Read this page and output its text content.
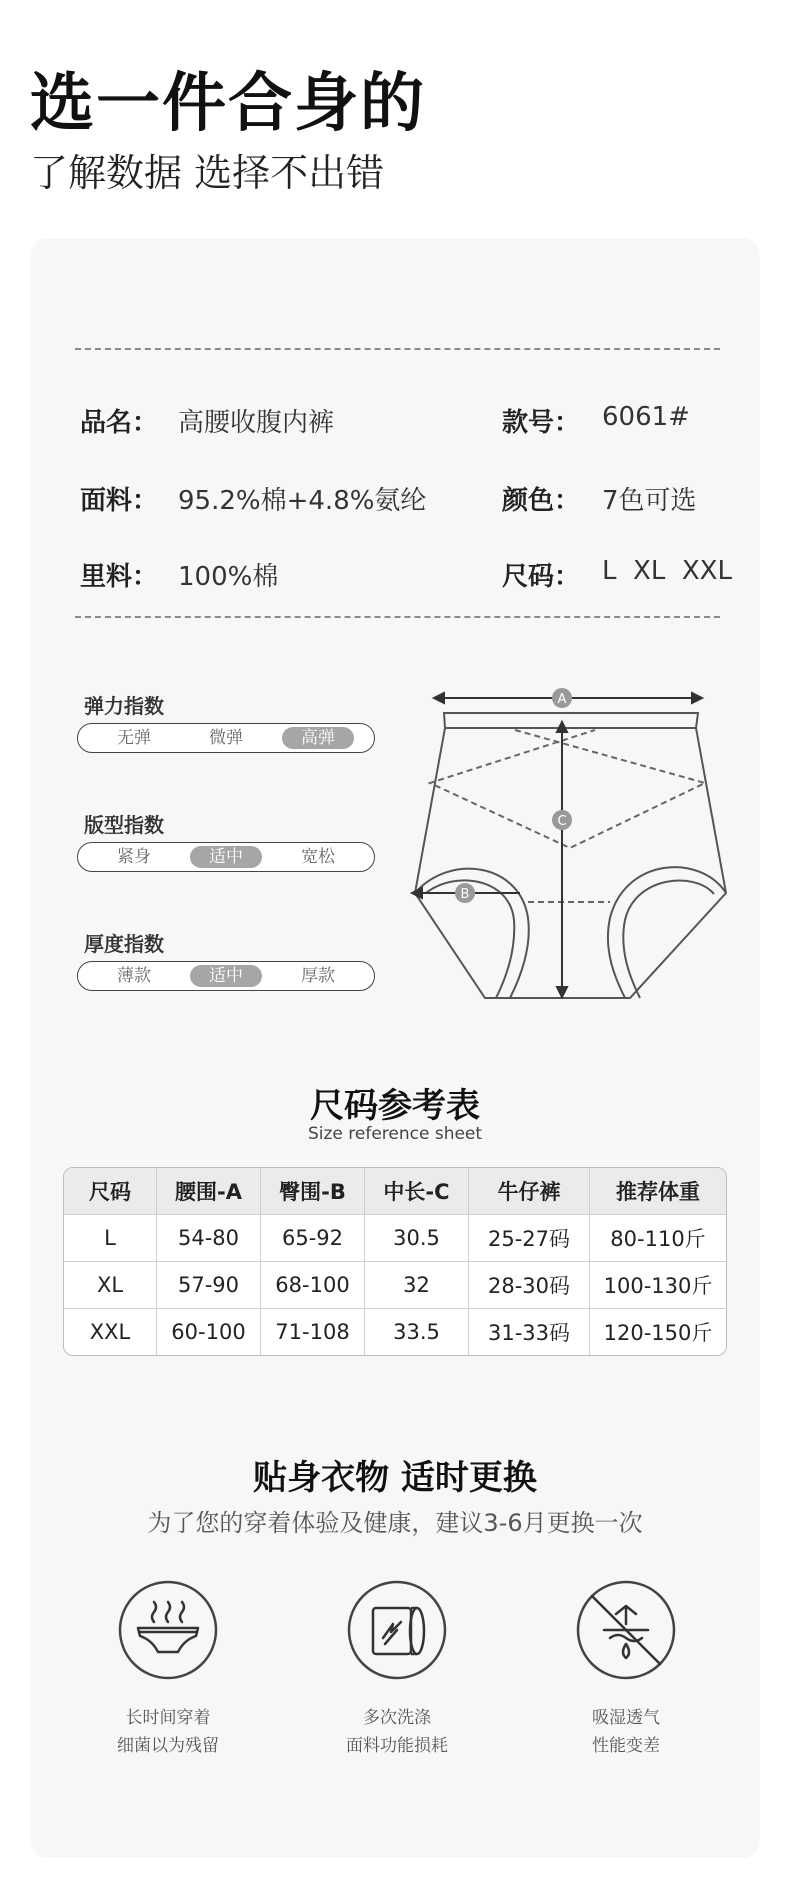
选一件合身的
了解数据 选择不出错
品名： 高腰收腹内裤	款号： 6061#
面料： 95.2%棉+4.8%氨纶	颜色： 7色可选
里料： 100%棉	尺码： L  XL  XXL
弹力指数
无弹	微弹	高弹
版型指数
紧身	适中	宽松
厚度指数
薄款	适中	厚款
A
B
C
尺码参考表
Size reference sheet
尺码	腰围-A	臀围-B	中长-C	牛仔裤	推荐体重
L	54-80	65-92	30.5	25-27码	80-110斤
XL	57-90	68-100	32	28-30码	100-130斤
XXL	60-100	71-108	33.5	31-33码	120-150斤
贴身衣物 适时更换
为了您的穿着体验及健康，建议3-6月更换一次
长时间穿着
细菌以为残留
多次洗涤
面料功能损耗
吸湿透气
性能变差
